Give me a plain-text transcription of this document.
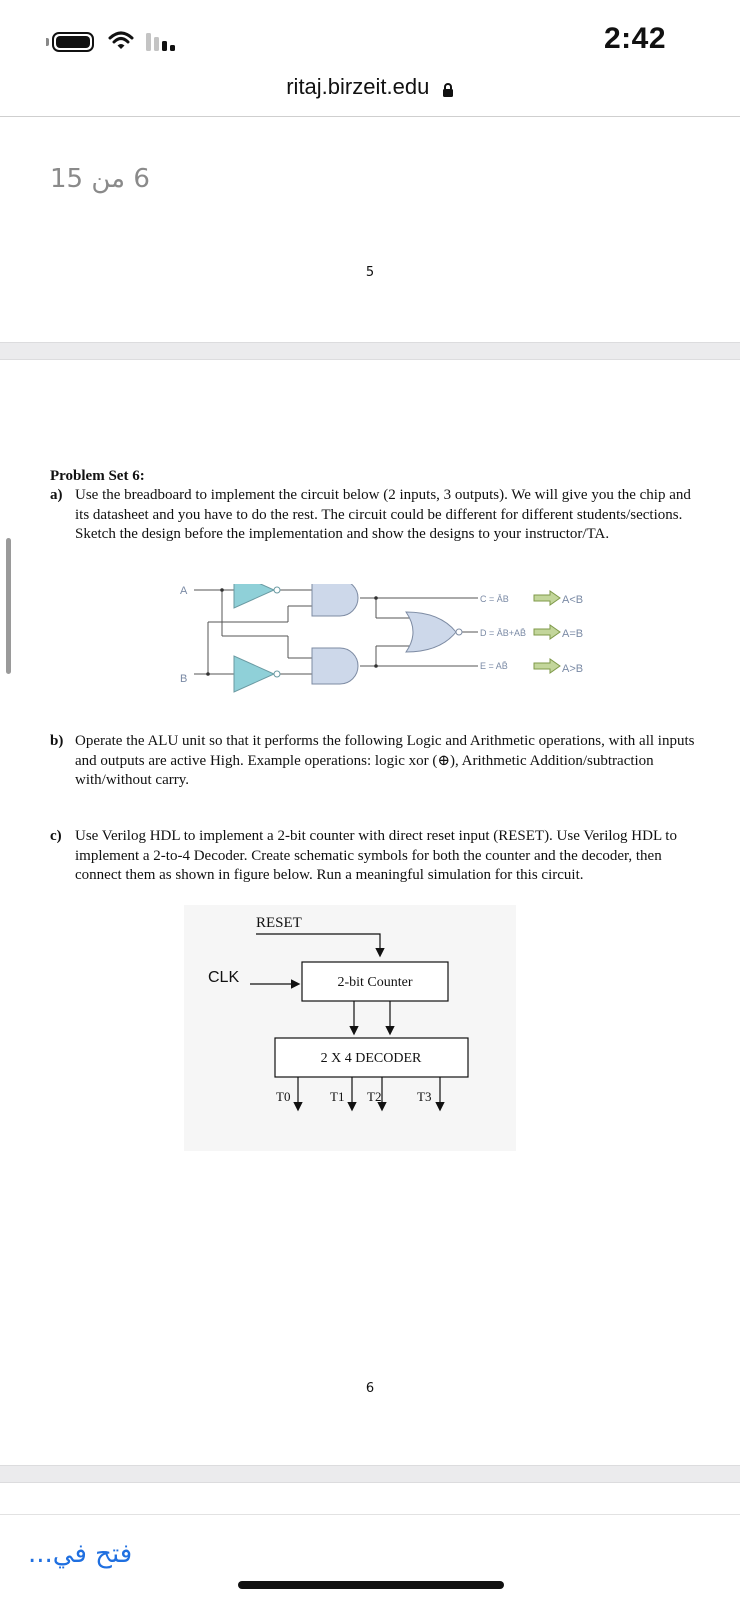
2:42
ritaj.birzeit.edu
6 من 15
5
Problem Set 6:
a) Use the breadboard to implement the circuit below (2 inputs, 3 outputs). We will give you the chip and its datasheet and you have to do the rest. The circuit could be different for different students/sections. Sketch the design before the implementation and show the designs to your instructor/TA.
A
B
C = ĀB
D = ĀB+AB̄
E = AB̄
A<B
A=B
A>B
b) Operate the ALU unit so that it performs the following Logic and Arithmetic operations, with all inputs and outputs are active High. Example operations: logic xor (⊕), Arithmetic Addition/subtraction with/without carry.
c) Use Verilog HDL to implement a 2-bit counter with direct reset input (RESET). Use Verilog HDL to implement a 2-to-4 Decoder. Create schematic symbols for both the counter and the decoder, then connect them as shown in figure below. Run a meaningful simulation for this circuit.
RESET
CLK	2-bit Counter
2 X 4 DECODER
T0	T1 T2	T3
6
فتح في...
